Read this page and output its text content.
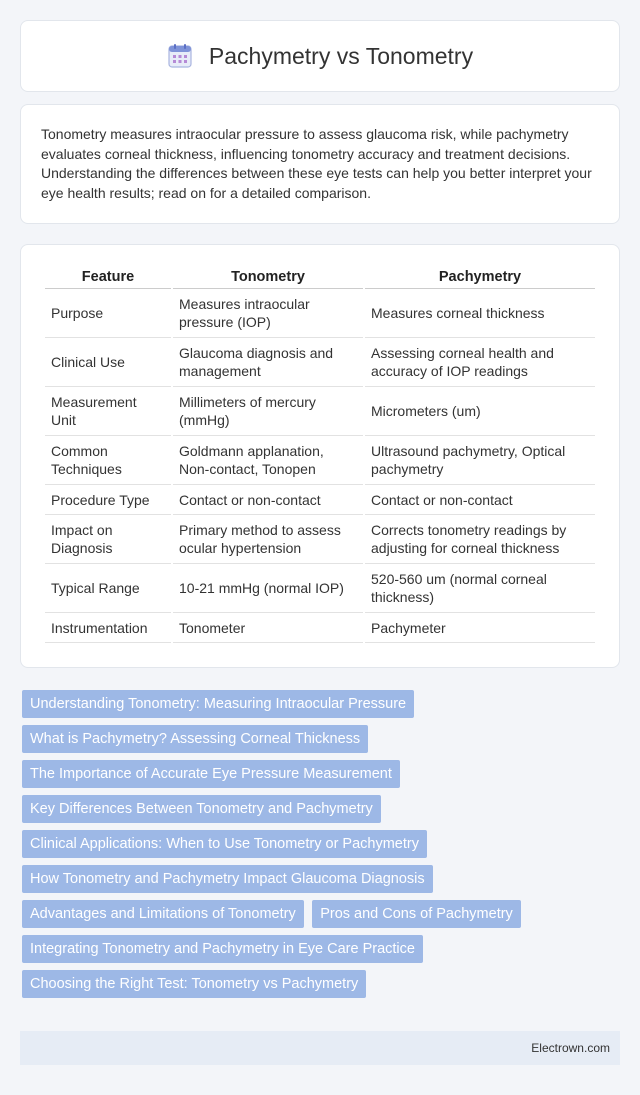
Pachymetry vs Tonometry

Tonometry measures intraocular pressure to assess glaucoma risk, while pachymetry evaluates corneal thickness, influencing tonometry accuracy and treatment decisions. Understanding the differences between these eye tests can help you better interpret your eye health results; read on for a detailed comparison.

Feature	Tonometry	Pachymetry
Purpose	Measures intraocular pressure (IOP)	Measures corneal thickness
Clinical Use	Glaucoma diagnosis and management	Assessing corneal health and accuracy of IOP readings
Measurement Unit	Millimeters of mercury (mmHg)	Micrometers (um)
Common Techniques	Goldmann applanation, Non-contact, Tonopen	Ultrasound pachymetry, Optical pachymetry
Procedure Type	Contact or non-contact	Contact or non-contact
Impact on Diagnosis	Primary method to assess ocular hypertension	Corrects tonometry readings by adjusting for corneal thickness
Typical Range	10-21 mmHg (normal IOP)	520-560 um (normal corneal thickness)
Instrumentation	Tonometer	Pachymeter
Understanding Tonometry: Measuring Intraocular Pressure
What is Pachymetry? Assessing Corneal Thickness
The Importance of Accurate Eye Pressure Measurement
Key Differences Between Tonometry and Pachymetry
Clinical Applications: When to Use Tonometry or Pachymetry
How Tonometry and Pachymetry Impact Glaucoma Diagnosis
Advantages and Limitations of Tonometry Pros and Cons of Pachymetry
Integrating Tonometry and Pachymetry in Eye Care Practice
Choosing the Right Test: Tonometry vs Pachymetry
Electrown.com
